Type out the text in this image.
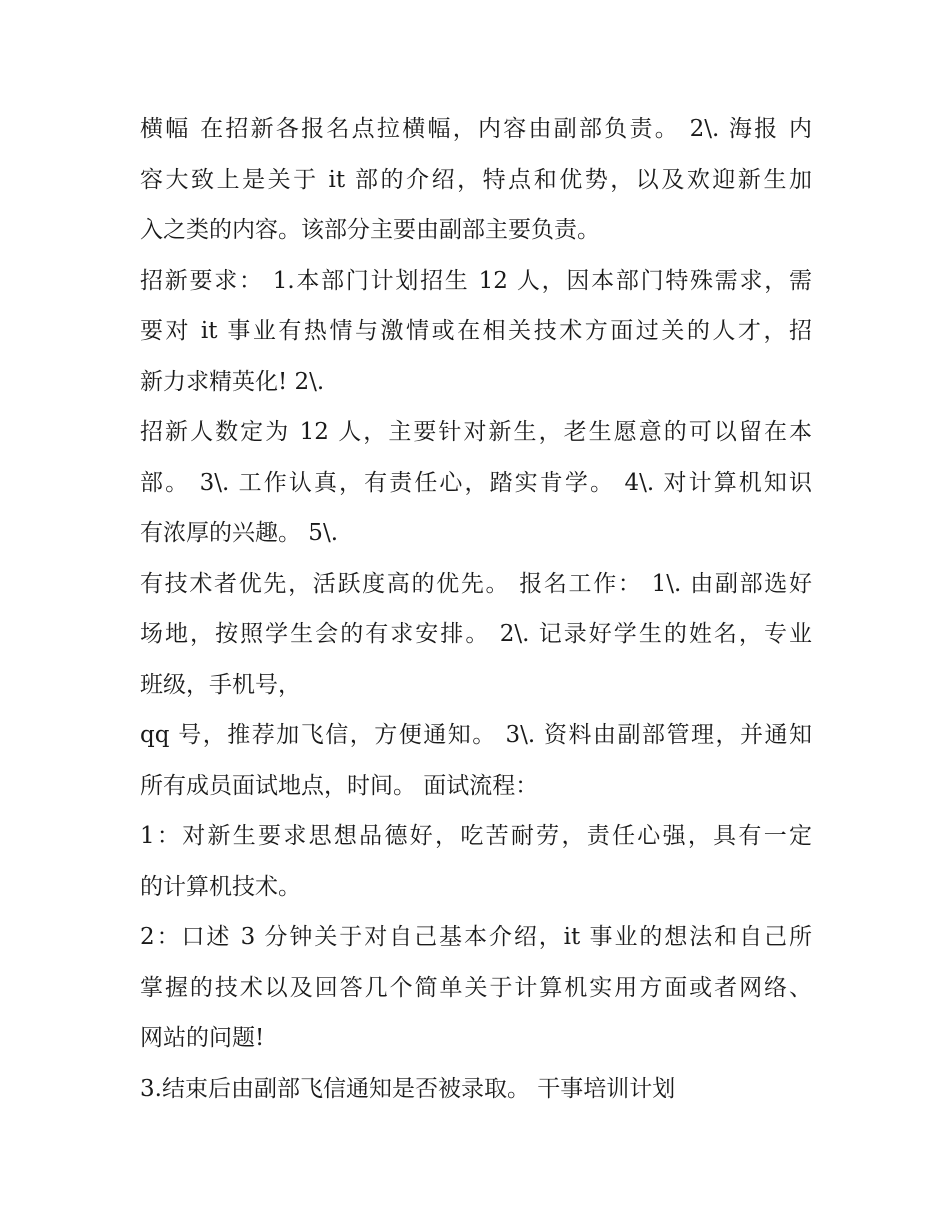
横幅 在招新各报名点拉横幅，内容由副部负责。 2\. 海报 内
容大致上是关于 it 部的介绍，特点和优势，以及欢迎新生加
入之类的内容。该部分主要由副部主要负责。
招新要求： 1.本部门计划招生 12 人，因本部门特殊需求，需
要对 it 事业有热情与激情或在相关技术方面过关的人才，招
新力求精英化! 2\.
招新人数定为 12 人，主要针对新生，老生愿意的可以留在本
部。 3\. 工作认真，有责任心，踏实肯学。 4\. 对计算机知识
有浓厚的兴趣。 5\.
有技术者优先，活跃度高的优先。 报名工作： 1\. 由副部选好
场地，按照学生会的有求安排。 2\. 记录好学生的姓名，专业
班级，手机号，
qq 号，推荐加飞信，方便通知。 3\. 资料由副部管理，并通知
所有成员面试地点，时间。 面试流程：
1：对新生要求思想品德好，吃苦耐劳，责任心强，具有一定
的计算机技术。
2：口述 3 分钟关于对自己基本介绍，it 事业的想法和自己所
掌握的技术以及回答几个简单关于计算机实用方面或者网络、
网站的问题!
3.结束后由副部飞信通知是否被录取。 干事培训计划
